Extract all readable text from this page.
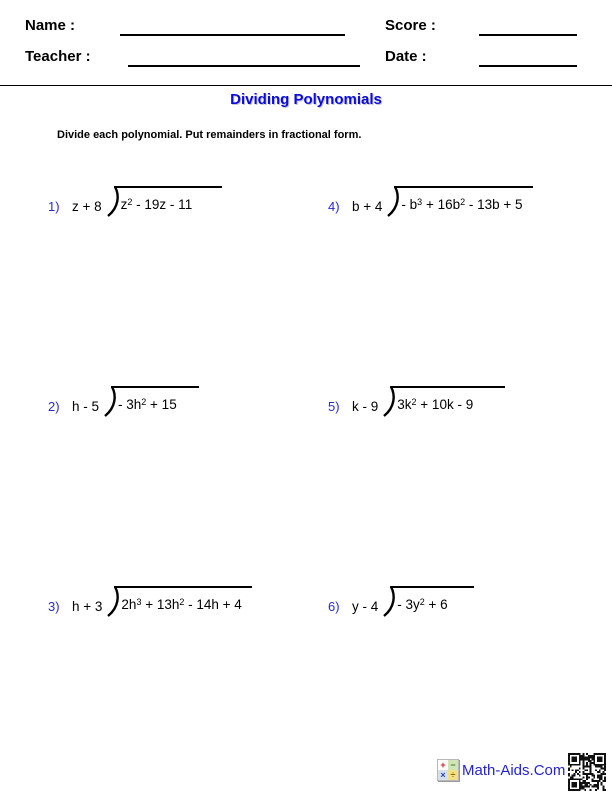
Name :
Teacher :
Score :
Date :
Dividing Polynomials
Divide each polynomial. Put remainders in fractional form.
1) z + 8	$z^2 - 19z - 11$
2) h - 5	- $3h^2 + 15$
3) h + 3	$2h^3 + 13h^2 - 14h + 4$
4) b + 4	- $b^3 + 16b^2 - 13b + 5$
5) k - 9	$3k^2 + 10k - 9$
6) y - 4	- $3y^2 + 6$
+ −
× ÷ Math-Aids.Com
